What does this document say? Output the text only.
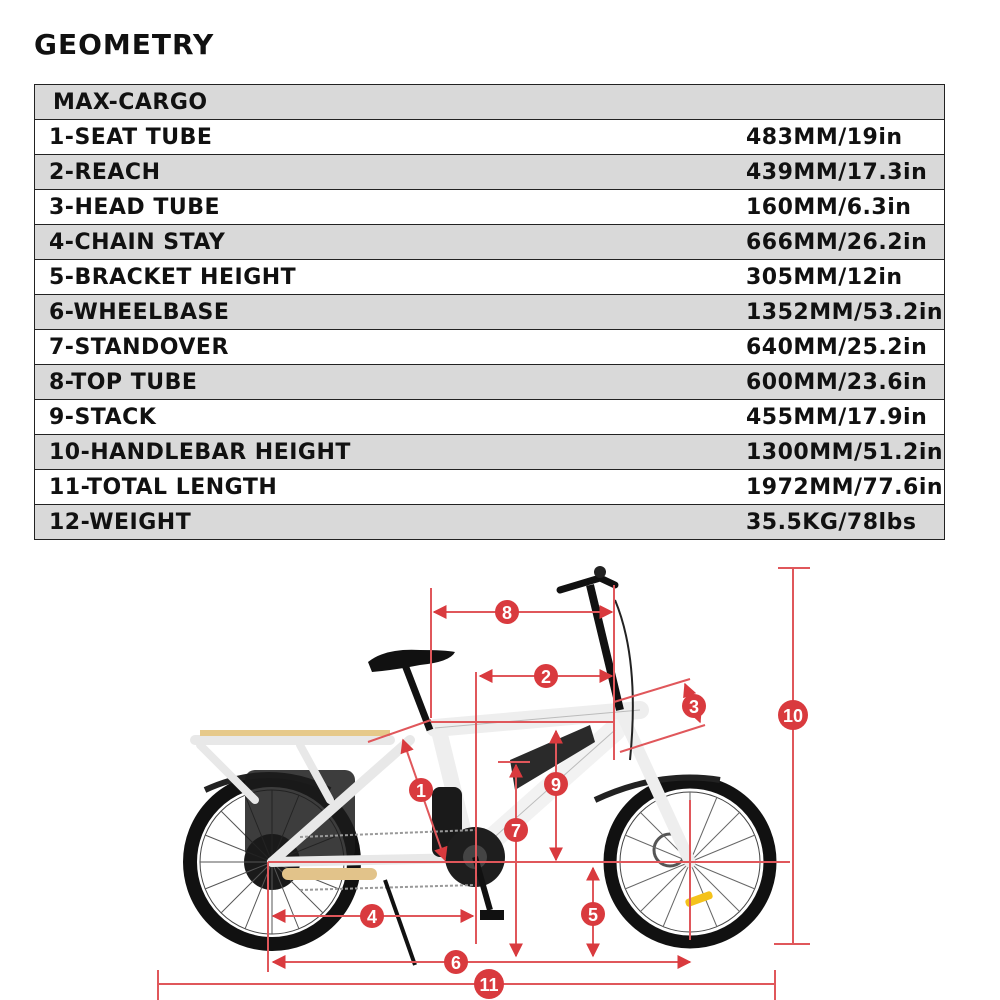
GEOMETRY
MAX-CARGO	
1-SEAT TUBE	483MM/19in
2-REACH	439MM/17.3in
3-HEAD TUBE	160MM/6.3in
4-CHAIN STAY	666MM/26.2in
5-BRACKET HEIGHT	305MM/12in
6-WHEELBASE	1352MM/53.2in
7-STANDOVER	640MM/25.2in
8-TOP TUBE	600MM/23.6in
9-STACK	455MM/17.9in
10-HANDLEBAR HEIGHT	1300MM/51.2in
11-TOTAL LENGTH	1972MM/77.6in
12-WEIGHT	35.5KG/78lbs
1
2
3
4	5
6
7
8
9
10
11
